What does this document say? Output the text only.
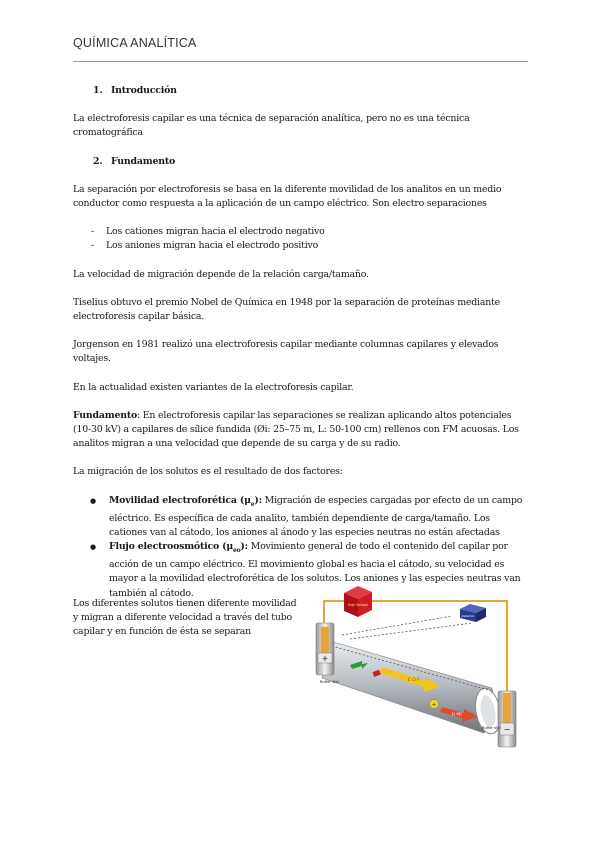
QUÍMICA ANALÍTICA
1. Introducción

La electroforesis capilar es una técnica de separación analítica, pero no es una técnica cromatográfica

2. Fundamento

La separación por electroforesis se basa en la diferente movilidad de los analitos en un medio conductor como respuesta a la aplicación de un campo eléctrico. Son electro separaciones

- Los cationes migran hacia el electrodo negativo
- Los aniones migran hacia el electrodo positivo

La velocidad de migración depende de la relación carga/tamaño.

Tiselius obtuvo el premio Nobel de Química en 1948 por la separación de proteínas mediante electroforesis capilar básica.

Jorgenson en 1981 realizó una electroforesis capilar mediante columnas capilares y elevados voltajes.

En la actualidad existen variantes de la electroforesis capilar.

Fundamento: En electroforesis capilar las separaciones se realizan aplicando altos potenciales (10-30 kV) a capilares de sílice fundida (Øi: 25–75 m, L: 50-100 cm) rellenos con FM acuosas. Los analitos migran a una velocidad que depende de su carga y de su radio.

La migración de los solutos es el resultado de dos factores:

● Movilidad electroforética $(\mu_e)$: Migración de especies cargadas por efecto de un campo eléctrico. Es específica de cada analito, también dependiente de carga/tamaño. Los cationes van al cátodo, los aniones al ánodo y las especies neutras no están afectadas
● Flujo electroosmótico $(\mu_{eo})$: Movimiento general de todo el contenido del capilar por acción de un campo eléctrico. El movimiento global es hacia el cátodo, su velocidad es mayor a la movilidad electroforética de los solutos. Los aniones y las especies neutras van también al cátodo.
Los diferentes solutos tienen diferente movilidad y migran a diferente velocidad a través del tubo capilar y en función de ésta se separan
High Voltage
Detector
E O F
μ ep
+
+
Buffer Vial
−
Buffer Vial
